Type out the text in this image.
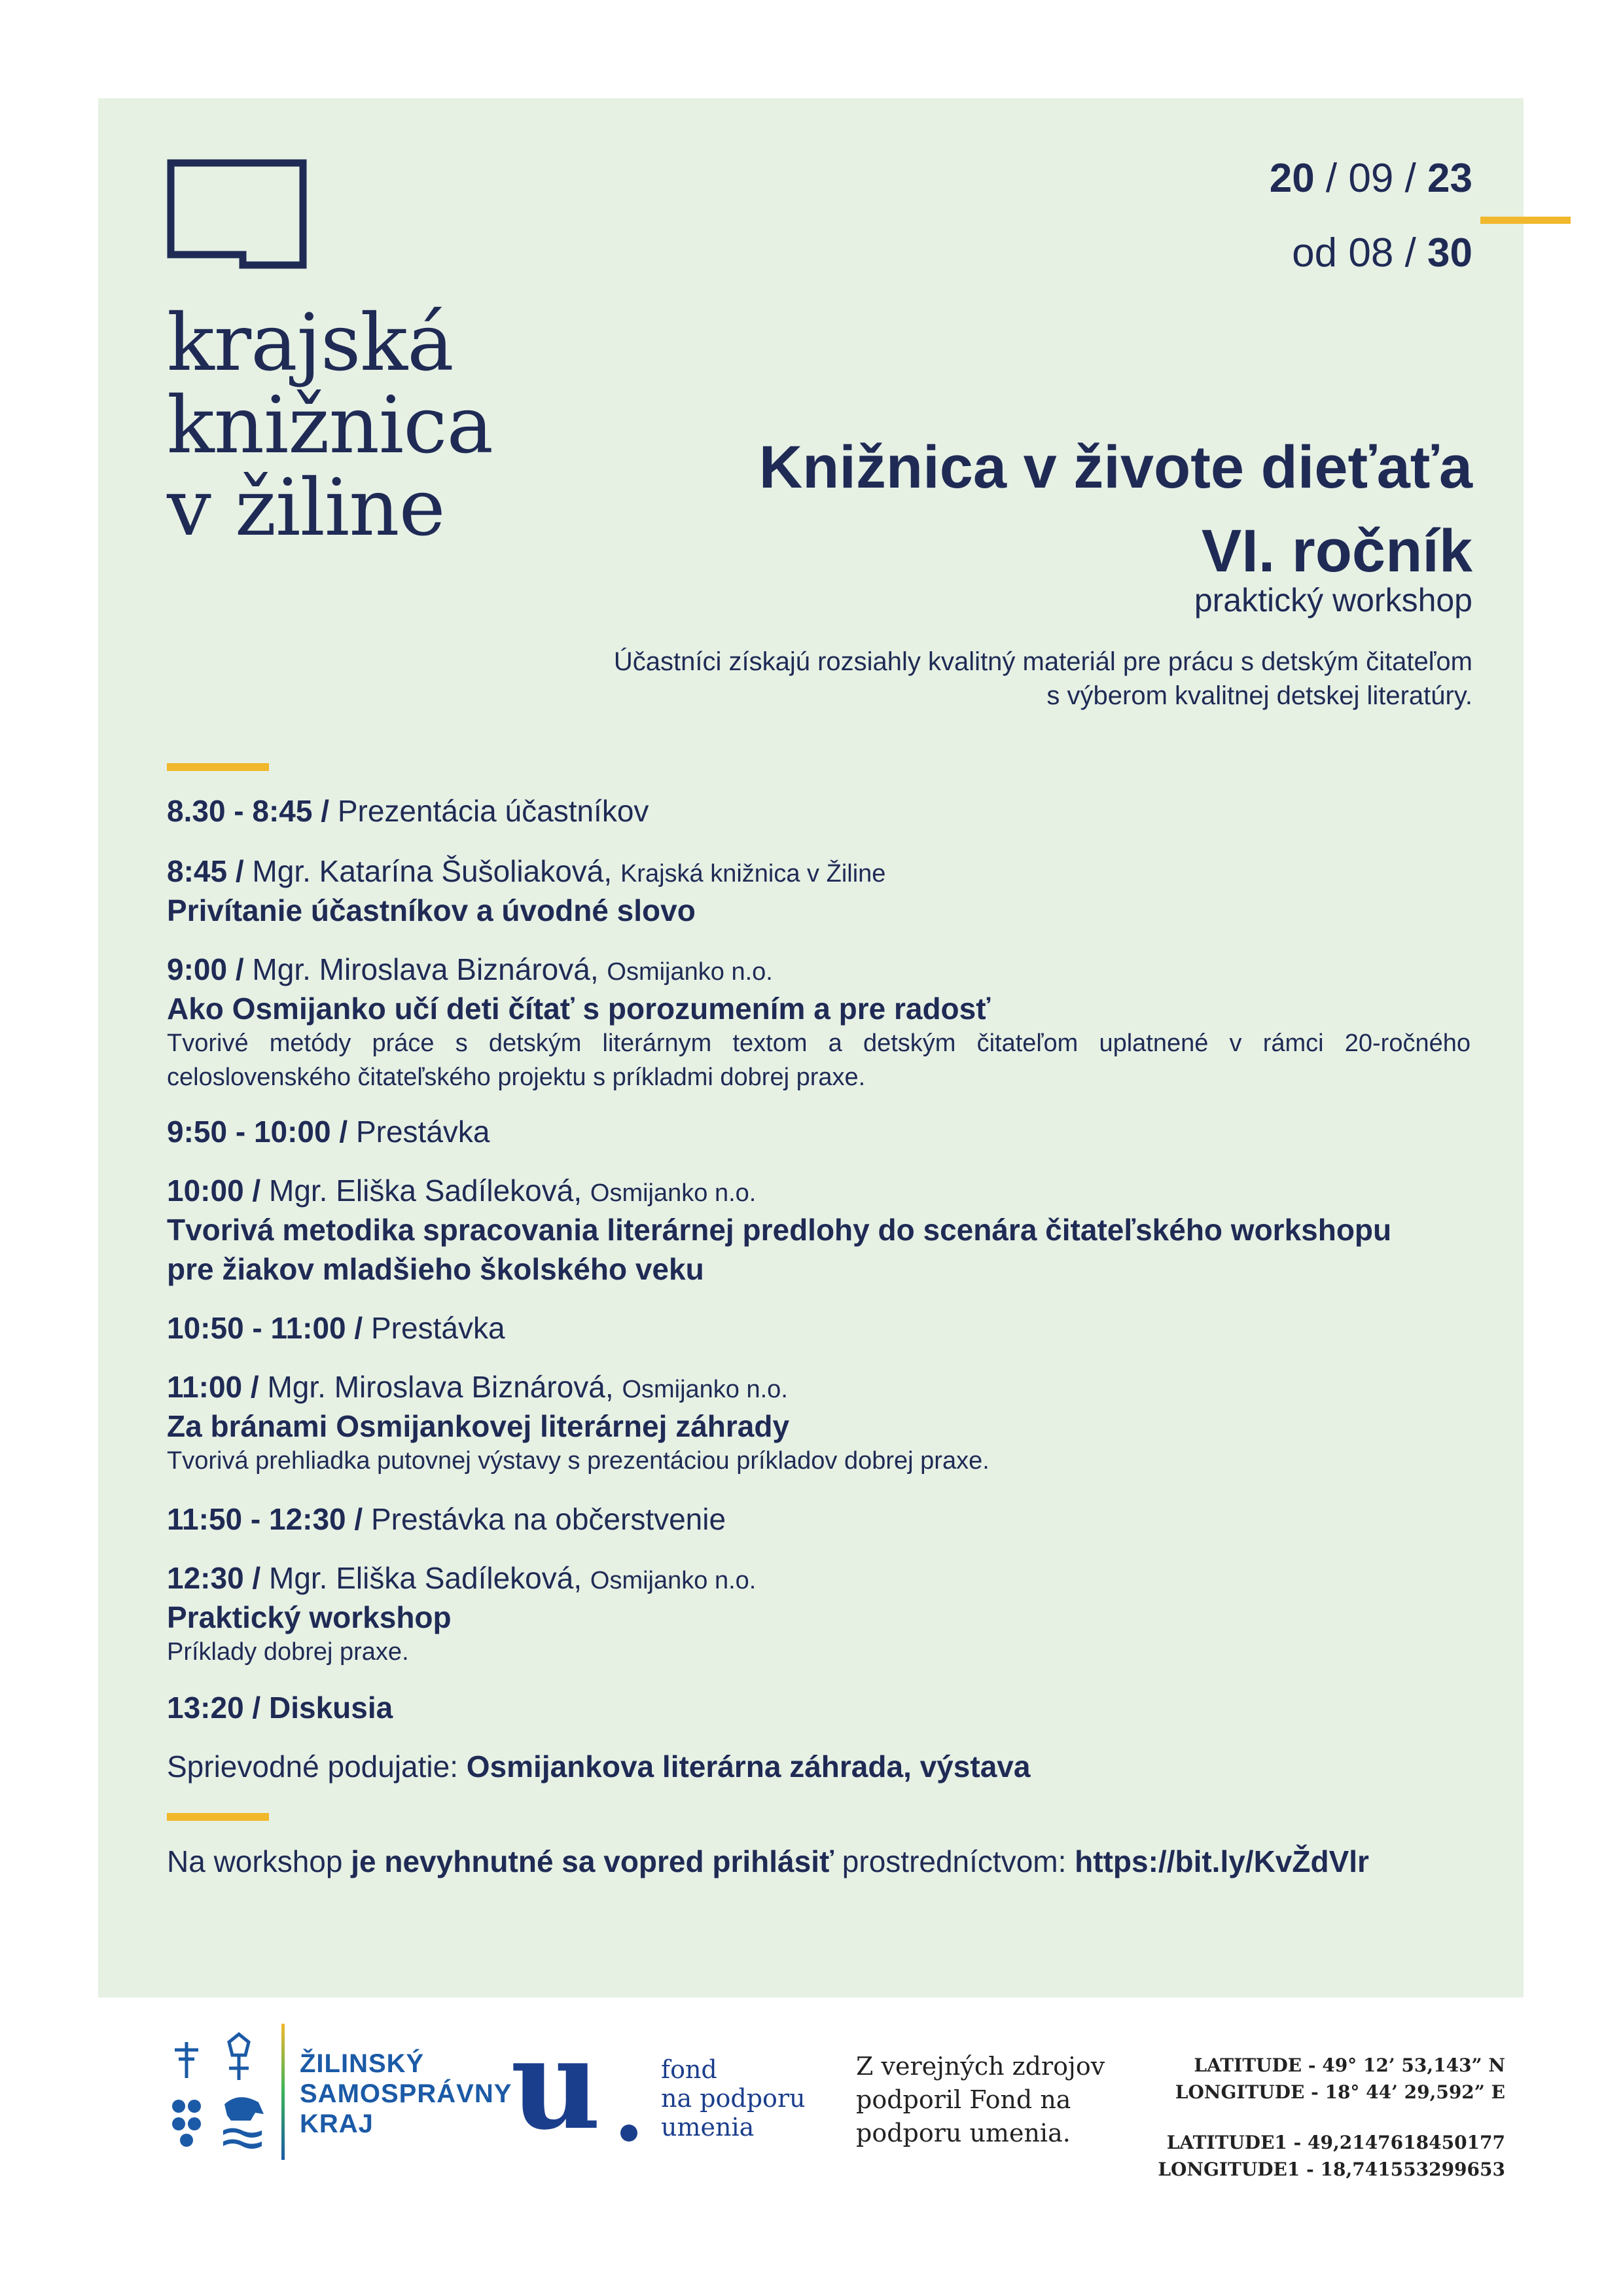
krajská
knižnica
v žiline
20 / 09 / 23
od 08 / 30
Knižnica v živote dieťaťa
VI. ročník
praktický workshop
Účastníci získajú rozsiahly kvalitný materiál pre prácu s detským čitateľom s výberom kvalitnej detskej literatúry.
8.30 - 8:45 / Prezentácia účastníkov
8:45 / Mgr. Katarína Šušoliaková, Krajská knižnica v Žiline
Privítanie účastníkov a úvodné slovo
9:00 / Mgr. Miroslava Biznárová, Osmijanko n.o.
Ako Osmijanko učí deti čítať s porozumením a pre radosť
Tvorivé metódy práce s detským literárnym textom a detským čitateľom uplatnené v rámci 20-ročného celoslovenského čitateľského projektu s príkladmi dobrej praxe.
9:50 - 10:00 / Prestávka
10:00 / Mgr. Eliška Sadíleková, Osmijanko n.o.
Tvorivá metodika spracovania literárnej predlohy do scenára čitateľského workshopu
pre žiakov mladšieho školského veku
10:50 - 11:00 / Prestávka
11:00 / Mgr. Miroslava Biznárová, Osmijanko n.o.
Za bránami Osmijankovej literárnej záhrady
Tvorivá prehliadka putovnej výstavy s prezentáciou príkladov dobrej praxe.
11:50 - 12:30 / Prestávka na občerstvenie
12:30 / Mgr. Eliška Sadíleková, Osmijanko n.o.
Praktický workshop
Príklady dobrej praxe.
13:20 / Diskusia
Sprievodné podujatie: Osmijankova literárna záhrada, výstava
Na workshop je nevyhnutné sa vopred prihlásiť prostredníctvom: https://bit.ly/KvŽdVlr
ŽILINSKÝ
SAMOSPRÁVNY
KRAJ	u fond
na podporu
umenia
Z verejných zdrojov
podporil Fond na
podporu umenia.
LATITUDE - 49° 12’ 53,143” N
LONGITUDE - 18° 44’ 29,592” E
LATITUDE1 - 49,2147618450177
LONGITUDE1 - 18,741553299653
